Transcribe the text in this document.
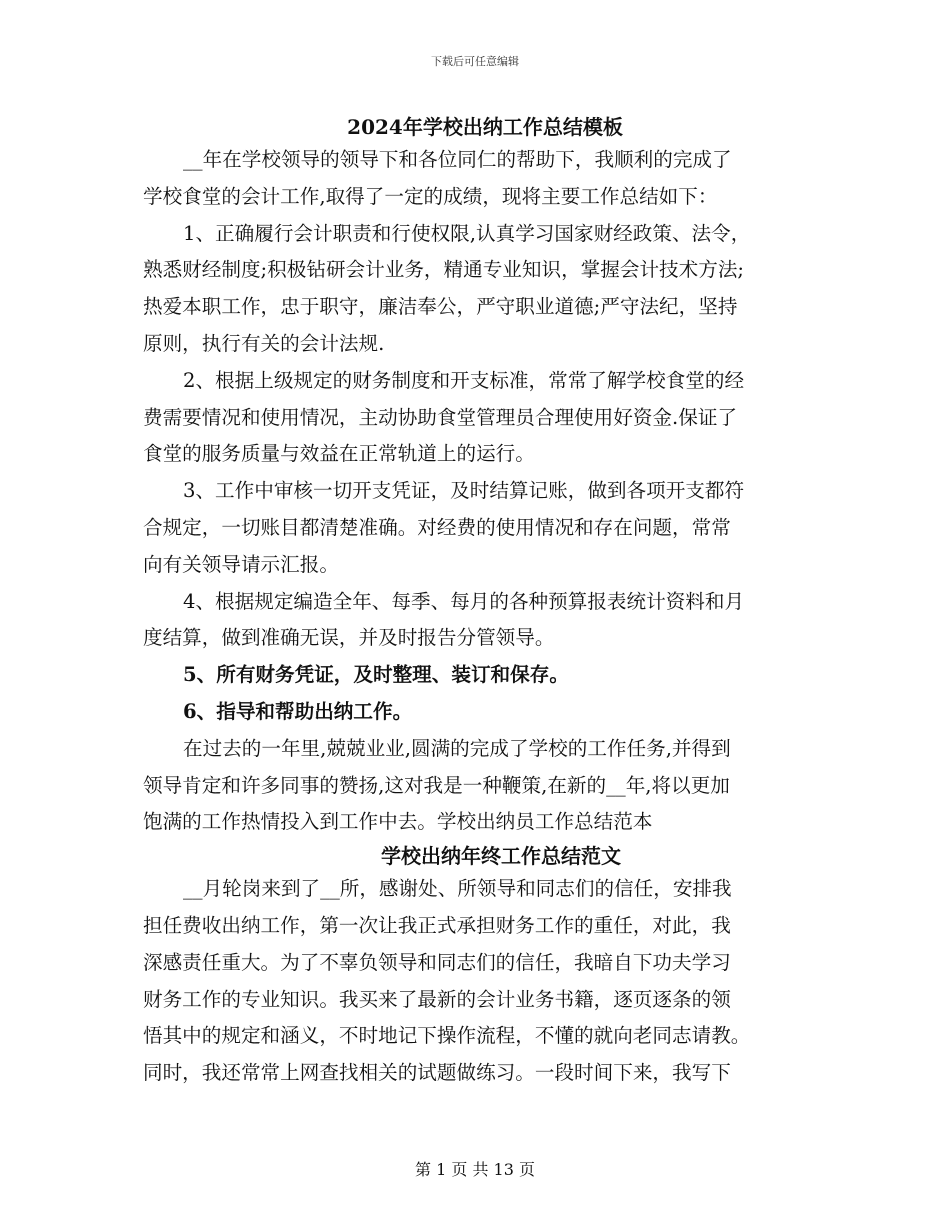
下载后可任意编辑
2024年学校出纳工作总结模板
__年在学校领导的领导下和各位同仁的帮助下，我顺利的完成了
学校食堂的会计工作,取得了一定的成绩，现将主要工作总结如下：
1、正确履行会计职责和行使权限,认真学习国家财经政策、法令，
熟悉财经制度;积极钻研会计业务，精通专业知识，掌握会计技术方法;
热爱本职工作，忠于职守，廉洁奉公，严守职业道德;严守法纪，坚持
原则，执行有关的会计法规.
2、根据上级规定的财务制度和开支标准，常常了解学校食堂的经
费需要情况和使用情况，主动协助食堂管理员合理使用好资金.保证了
食堂的服务质量与效益在正常轨道上的运行。
3、工作中审核一切开支凭证，及时结算记账，做到各项开支都符
合规定，一切账目都清楚准确。对经费的使用情况和存在问题，常常
向有关领导请示汇报。
4、根据规定编造全年、每季、每月的各种预算报表统计资料和月
度结算，做到准确无误，并及时报告分管领导。
5、所有财务凭证，及时整理、装订和保存。
6、指导和帮助出纳工作。
在过去的一年里,兢兢业业,圆满的完成了学校的工作任务,并得到
领导肯定和许多同事的赞扬,这对我是一种鞭策,在新的__年,将以更加
饱满的工作热情投入到工作中去。学校出纳员工作总结范本
学校出纳年终工作总结范文
__月轮岗来到了__所，感谢处、所领导和同志们的信任，安排我
担任费收出纳工作，第一次让我正式承担财务工作的重任，对此，我
深感责任重大。为了不辜负领导和同志们的信任，我暗自下功夫学习
财务工作的专业知识。我买来了最新的会计业务书籍，逐页逐条的领
悟其中的规定和涵义，不时地记下操作流程，不懂的就向老同志请教。
同时，我还常常上网查找相关的试题做练习。一段时间下来，我写下
第 1 页 共 13 页
